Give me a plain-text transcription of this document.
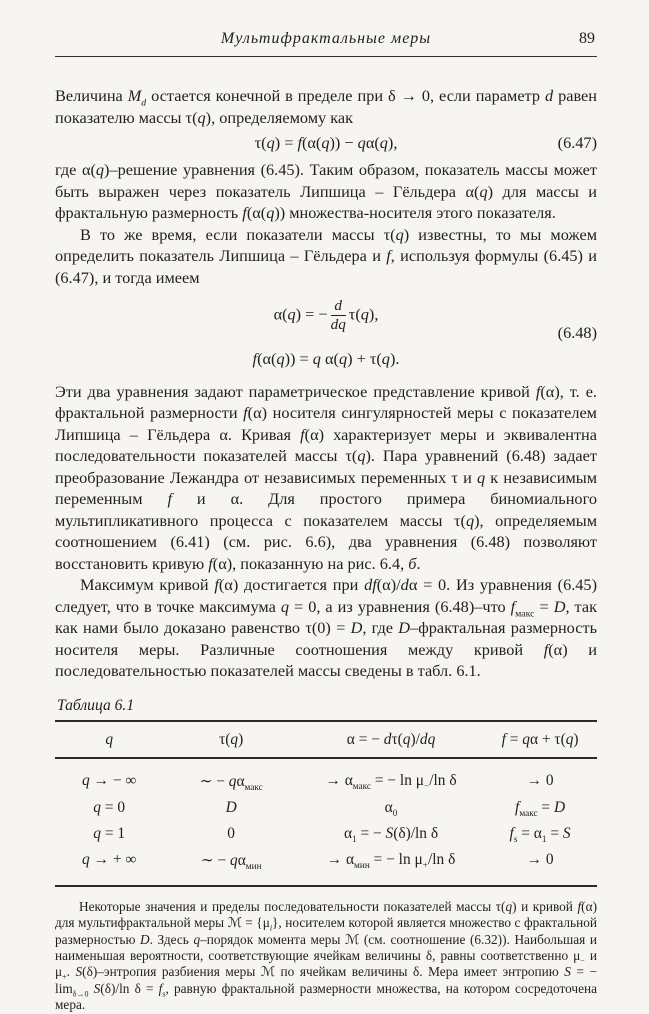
Мультифрактальные меры	89

Величина $M_d$ остается конечной в пределе при δ → 0, если параметр d равен показателю массы τ(q), определяемому как

τ(q) = f(α(q)) − qα(q),	(6.47)

где α(q)–решение уравнения (6.45). Таким образом, показатель массы может быть выражен через показатель Липшица – Гёльдера α(q) для массы и фрактальную размерность f(α(q)) множества-носителя этого показателя.

В то же время, если показатели массы τ(q) известны, то мы можем определить показатель Липшица – Гёльдера и f, используя формулы (6.45) и (6.47), и тогда имеем

α(q) = − $\frac{d}{dq} \tau(q)$,
f(α(q)) = q α(q) + τ(q).
(6.48)

Эти два уравнения задают параметрическое представление кривой f(α), т. е. фрактальной размерности f(α) носителя сингулярностей меры с показателем Липшица – Гёльдера α. Кривая f(α) характеризует меры и эквивалентна последовательности показателей массы τ(q). Пара уравнений (6.48) задает преобразование Лежандра от независимых переменных τ и q к независимым переменным f и α. Для простого примера биномиального мультипликативного процесса с показателем массы τ(q), определяемым соотношением (6.41) (см. рис. 6.6), два уравнения (6.48) позволяют восстановить кривую f(α), показанную на рис. 6.4, б.

Максимум кривой f(α) достигается при df(α)/dα = 0. Из уравнения (6.45) следует, что в точке максимума q = 0, а из уравнения (6.48)–что $f_{макс} = D$, так как нами было доказано равенство τ(0) = D, где D–фрактальная размерность носителя меры. Различные соотношения между кривой f(α) и последовательностью показателей массы сведены в табл. 6.1.

Таблица 6.1
q	τ(q)	α = − dτ(q)/dq	f = qα + τ(q)
q → − ∞	∼ − $q\alpha_{макс}$	→ $\alpha_{макс}$ = − $\ln \mu_-/\ln$ δ	→ 0
q = 0	D	$\alpha_0$	$f_{макс} = D$
q = 1	0	$\alpha_1$ = − S(δ)/ln δ	$f_s = \alpha_1 = S$
q → + ∞	∼ − $q\alpha_{мин}$	→ $\alpha_{мин}$ = − $\ln \mu_+/\ln$ δ	→ 0

Некоторые значения и пределы последовательности показателей массы τ(q) и кривой f(α) для мультифрактальной меры ℳ = $\{\mu_i\}$, носителем которой является множество с фрактальной размерностью D. Здесь q–порядок момента меры ℳ (см. соотношение (6.32)). Наибольшая и наименьшая вероятности, соответствующие ячейкам величины δ, равны соответственно $\mu_-$ и $\mu_+$. S(δ)–энтропия разбиения меры ℳ по ячейкам величины δ. Мера имеет энтропию S = − $\lim_{\delta\to 0} S(\delta)/\ln$ $\delta = f_s$, равную фрактальной размерности множества, на котором сосредоточена мера.
